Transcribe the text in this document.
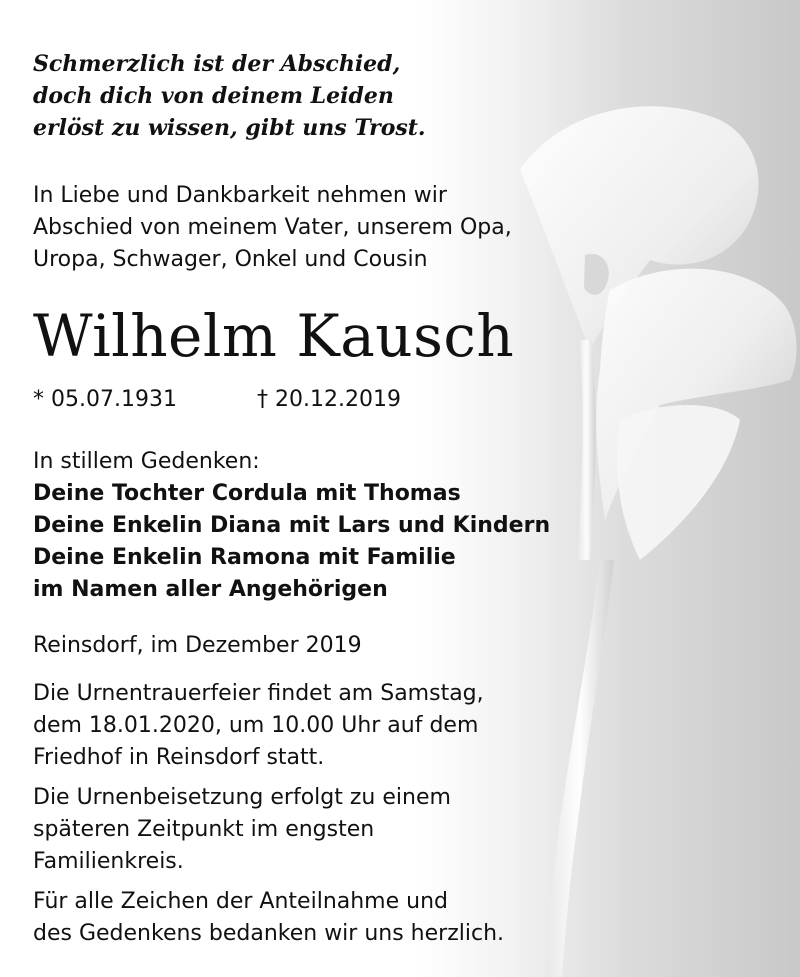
Schmerzlich ist der Abschied,
doch dich von deinem Leiden
erlöst zu wissen, gibt uns Trost.
In Liebe und Dankbarkeit nehmen wir
Abschied von meinem Vater, unserem Opa,
Uropa, Schwager, Onkel und Cousin
Wilhelm Kausch
* 05.07.1931	† 20.12.2019
In stillem Gedenken:
Deine Tochter Cordula mit Thomas
Deine Enkelin Diana mit Lars und Kindern
Deine Enkelin Ramona mit Familie
im Namen aller Angehörigen
Reinsdorf, im Dezember 2019
Die Urnentrauerfeier findet am Samstag,
dem 18.01.2020, um 10.00 Uhr auf dem
Friedhof in Reinsdorf statt.
Die Urnenbeisetzung erfolgt zu einem
späteren Zeitpunkt im engsten
Familienkreis.
Für alle Zeichen der Anteilnahme und
des Gedenkens bedanken wir uns herzlich.
